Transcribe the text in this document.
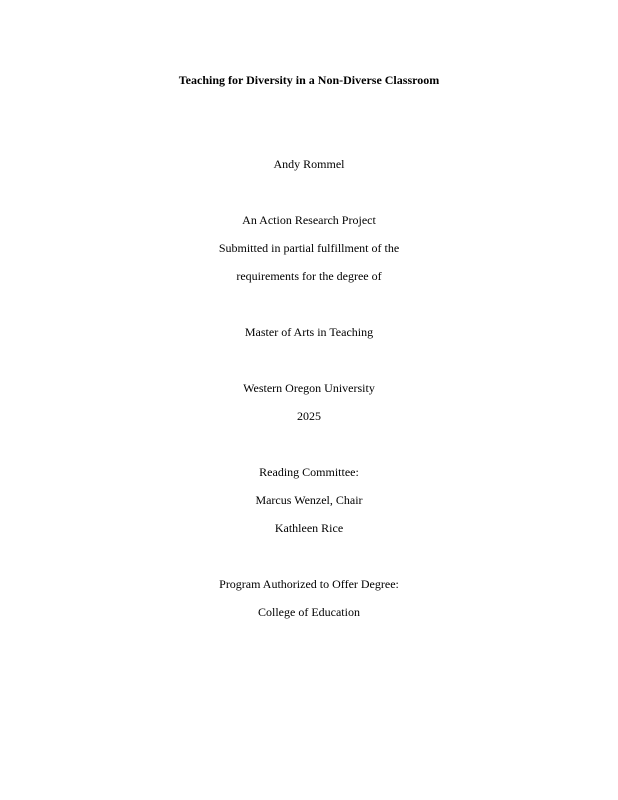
Teaching for Diversity in a Non-Diverse Classroom
Andy Rommel
An Action Research Project
Submitted in partial fulfillment of the
requirements for the degree of
Master of Arts in Teaching
Western Oregon University
2025
Reading Committee:
Marcus Wenzel, Chair
Kathleen Rice
Program Authorized to Offer Degree:
College of Education
